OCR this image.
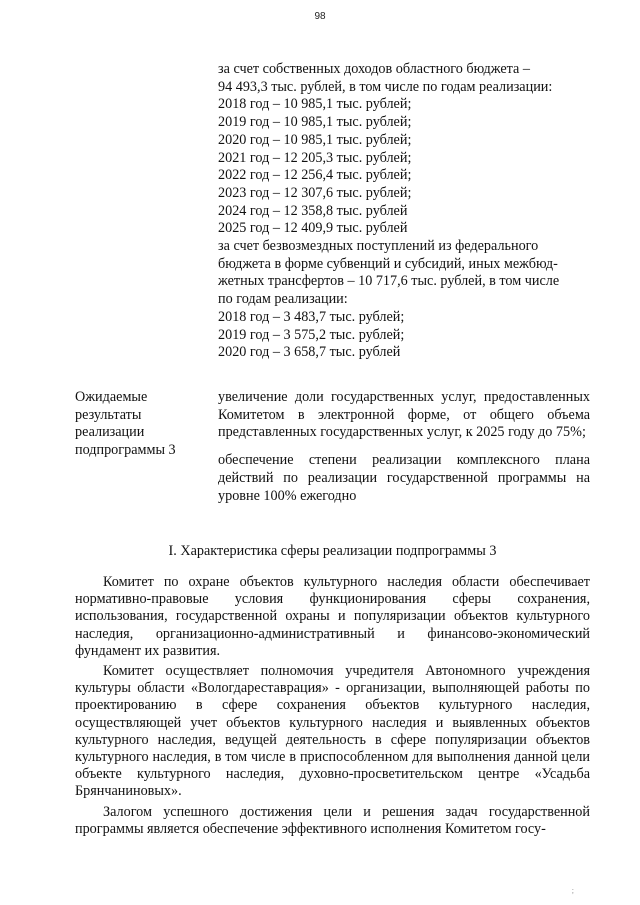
98
за счет собственных доходов областного бюджета –
94 493,3 тыс. рублей, в том числе по годам реализации:
2018 год – 10 985,1 тыс. рублей;
2019 год – 10 985,1 тыс. рублей;
2020 год – 10 985,1 тыс. рублей;
2021 год – 12 205,3 тыс. рублей;
2022 год – 12 256,4 тыс. рублей;
2023 год – 12 307,6 тыс. рублей;
2024 год – 12 358,8 тыс. рублей
2025 год – 12 409,9 тыс. рублей
за счет безвозмездных поступлений из федерального
бюджета в форме субвенций и субсидий, иных межбюд-
жетных трансфертов – 10 717,6 тыс. рублей, в том числе
по годам реализации:
2018 год – 3 483,7 тыс. рублей;
2019 год – 3 575,2 тыс. рублей;
2020 год – 3 658,7 тыс. рублей
Ожидаемые
результаты
реализации
подпрограммы 3

увеличение доли государственных услуг, предоставленных Комитетом в электронной форме, от общего объема представленных государственных услуг, к 2025 году до 75%;

обеспечение степени реализации комплексного плана действий по реализации государственной программы на уровне 100% ежегодно

I. Характеристика сферы реализации подпрограммы 3

Комитет по охране объектов культурного наследия области обеспечивает нормативно-правовые условия функционирования сферы сохранения, использования, государственной охраны и популяризации объектов культурного наследия, организационно-административный и финансово-экономический фундамент их развития.

Комитет осуществляет полномочия учредителя Автономного учреждения культуры области «Вологдареставрация» - организации, выполняющей работы по проектированию в сфере сохранения объектов культурного наследия, осуществляющей учет объектов культурного наследия и выявленных объектов культурного наследия, ведущей деятельность в сфере популяризации объектов культурного наследия, в том числе в приспособленном для выполнения данной цели объекте культурного наследия, духовно-просветительском центре «Усадьба Брянчаниновых».

Залогом успешного достижения цели и решения задач государственной программы является обеспечение эффективного исполнения Комитетом госу-

;
